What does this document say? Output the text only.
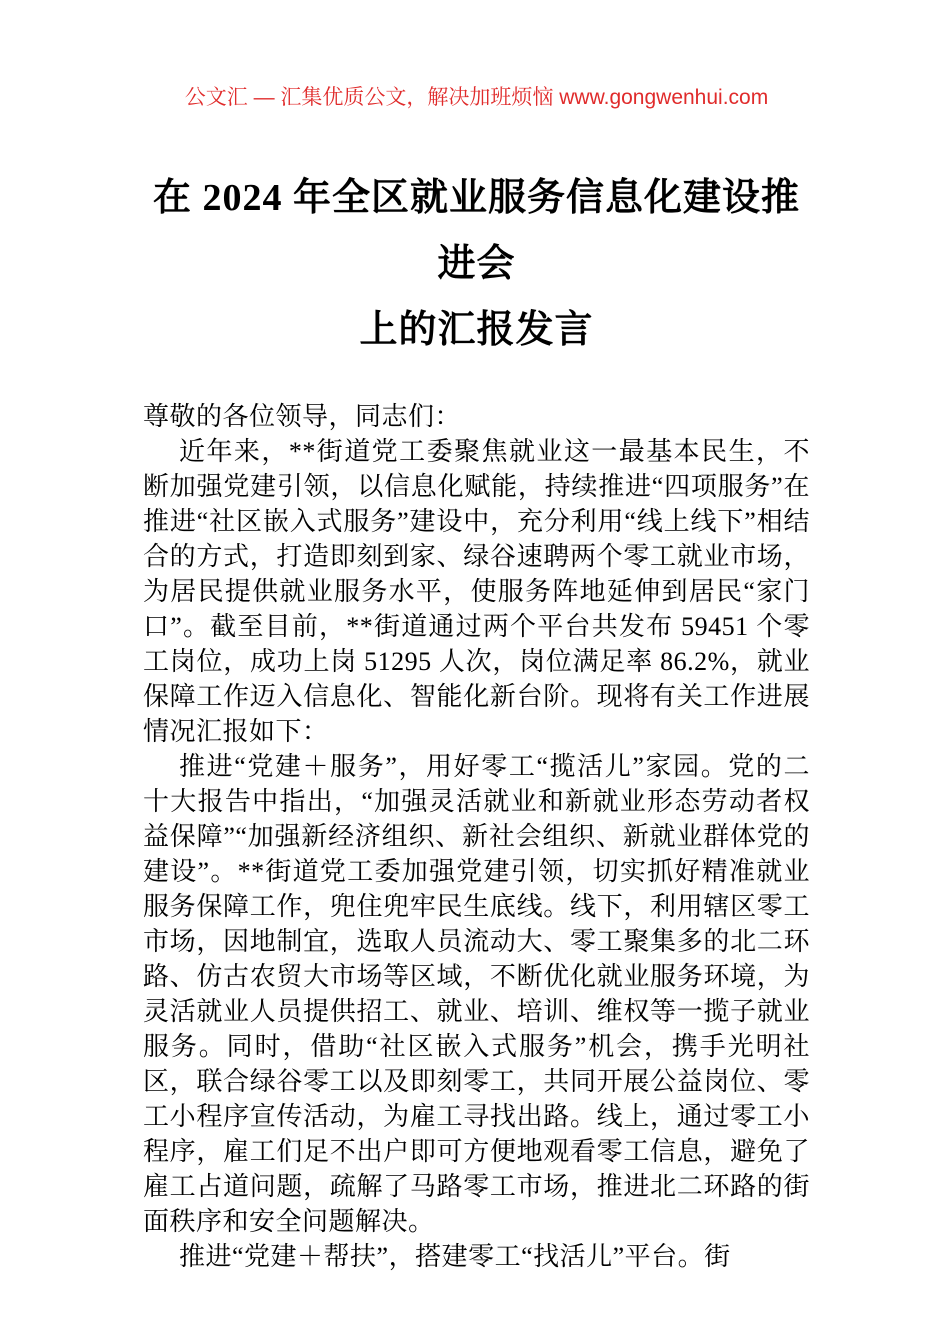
公文汇 — 汇集优质公文，解决加班烦恼 www.gongwenhui.com
在 2024 年全区就业服务信息化建设推进会
上的汇报发言

尊敬的各位领导，同志们：

近年来，**街道党工委聚焦就业这一最基本民生，不断加强党建引领，以信息化赋能，持续推进“四项服务”在推进“社区嵌入式服务”建设中，充分利用“线上线下”相结合的方式，打造即刻到家、绿谷速聘两个零工就业市场，为居民提供就业服务水平，使服务阵地延伸到居民“家门口”。截至目前，**街道通过两个平台共发布 59451 个零工岗位，成功上岗 51295 人次，岗位满足率 86.2%，就业保障工作迈入信息化、智能化新台阶。现将有关工作进展情况汇报如下：

推进“党建＋服务”，用好零工“揽活儿”家园。党的二十大报告中指出，“加强灵活就业和新就业形态劳动者权益保障”“加强新经济组织、新社会组织、新就业群体党的建设”。**街道党工委加强党建引领，切实抓好精准就业服务保障工作，兜住兜牢民生底线。线下，利用辖区零工市场，因地制宜，选取人员流动大、零工聚集多的北二环路、仿古农贸大市场等区域，不断优化就业服务环境，为灵活就业人员提供招工、就业、培训、维权等一揽子就业服务。同时，借助“社区嵌入式服务”机会，携手光明社区，联合绿谷零工以及即刻零工，共同开展公益岗位、零工小程序宣传活动，为雇工寻找出路。线上，通过零工小程序，雇工们足不出户即可方便地观看零工信息，避免了雇工占道问题，疏解了马路零工市场，推进北二环路的街面秩序和安全问题解决。

推进“党建＋帮扶”，搭建零工“找活儿”平台。街
